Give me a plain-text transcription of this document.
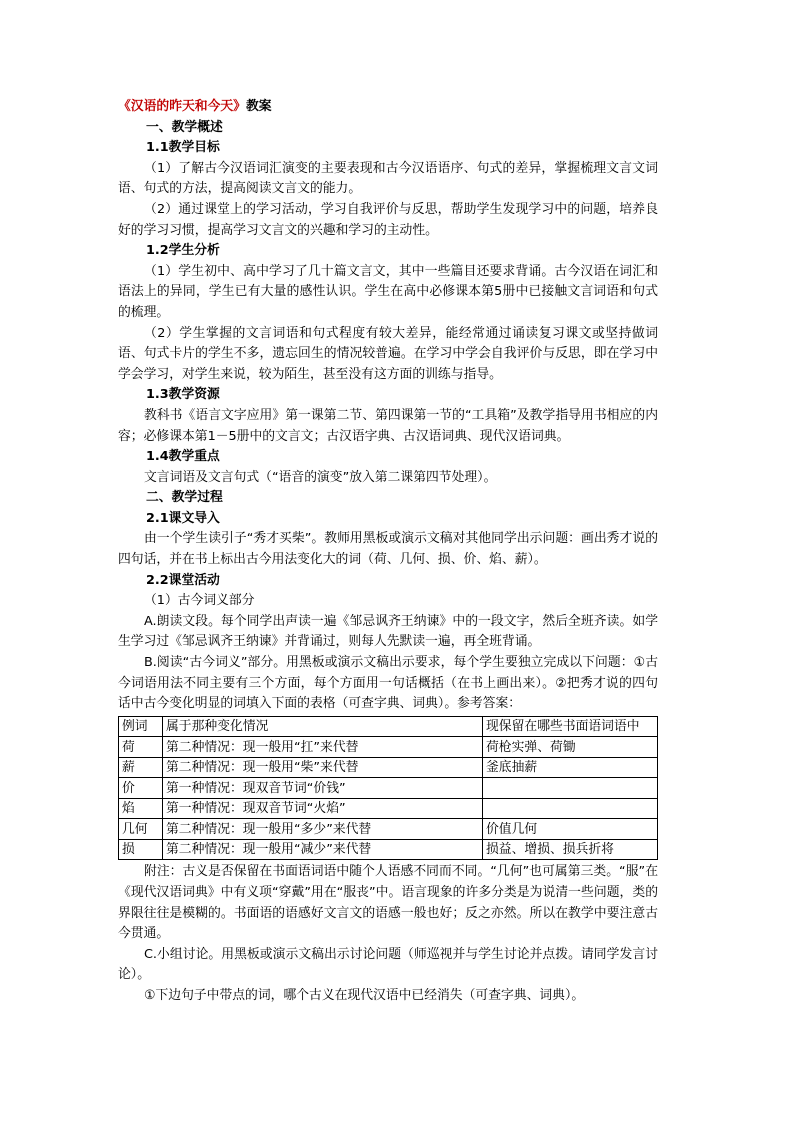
《汉语的昨天和今天》教案
一、教学概述
1.1教学目标

（1）了解古今汉语词汇演变的主要表现和古今汉语语序、句式的差异，掌握梳理文言文词语、句式的方法，提高阅读文言文的能力。

（2）通过课堂上的学习活动，学习自我评价与反思，帮助学生发现学习中的问题，培养良好的学习习惯，提高学习文言文的兴趣和学习的主动性。

1.2学生分析

（1）学生初中、高中学习了几十篇文言文，其中一些篇目还要求背诵。古今汉语在词汇和语法上的异同，学生已有大量的感性认识。学生在高中必修课本第5册中已接触文言词语和句式的梳理。

（2）学生掌握的文言词语和句式程度有较大差异，能经常通过诵读复习课文或坚持做词语、句式卡片的学生不多，遗忘回生的情况较普遍。在学习中学会自我评价与反思，即在学习中学会学习，对学生来说，较为陌生，甚至没有这方面的训练与指导。

1.3教学资源

教科书《语言文字应用》第一课第二节、第四课第一节的“工具箱”及教学指导用书相应的内容；必修课本第1－5册中的文言文；古汉语字典、古汉语词典、现代汉语词典。

1.4教学重点

文言词语及文言句式（“语音的演变”放入第二课第四节处理）。

二、教学过程
2.1课文导入

由一个学生读引子“秀才买柴”。教师用黑板或演示文稿对其他同学出示问题：画出秀才说的四句话，并在书上标出古今用法变化大的词（荷、几何、损、价、焰、薪）。

2.2课堂活动

（1）古今词义部分

A.朗读文段。每个同学出声读一遍《邹忌讽齐王纳谏》中的一段文字，然后全班齐读。如学生学习过《邹忌讽齐王纳谏》并背诵过，则每人先默读一遍，再全班背诵。

B.阅读“古今词义”部分。用黑板或演示文稿出示要求，每个学生要独立完成以下问题：①古今词语用法不同主要有三个方面，每个方面用一句话概括（在书上画出来）。②把秀才说的四句话中古今变化明显的词填入下面的表格（可查字典、词典）。参考答案：

例词	属于那种变化情况	现保留在哪些书面语词语中
荷	第二种情况：现一般用“扛”来代替	荷枪实弹、荷锄
薪	第二种情况：现一般用“柴”来代替	釜底抽薪
价	第一种情况：现双音节词“价钱”	
焰	第一种情况：现双音节词“火焰”	
几何	第二种情况：现一般用“多少”来代替	价值几何
损	第二种情况：现一般用“减少”来代替	损益、增损、损兵折将

附注：古义是否保留在书面语词语中随个人语感不同而不同。“几何”也可属第三类。“服”在《现代汉语词典》中有义项“穿戴”用在“服丧”中。语言现象的许多分类是为说清一些问题，类的界限往往是模糊的。书面语的语感好文言文的语感一般也好；反之亦然。所以在教学中要注意古今贯通。

C.小组讨论。用黑板或演示文稿出示讨论问题（师巡视并与学生讨论并点拨。请同学发言讨论）。

①下边句子中带点的词，哪个古义在现代汉语中已经消失（可查字典、词典）。
